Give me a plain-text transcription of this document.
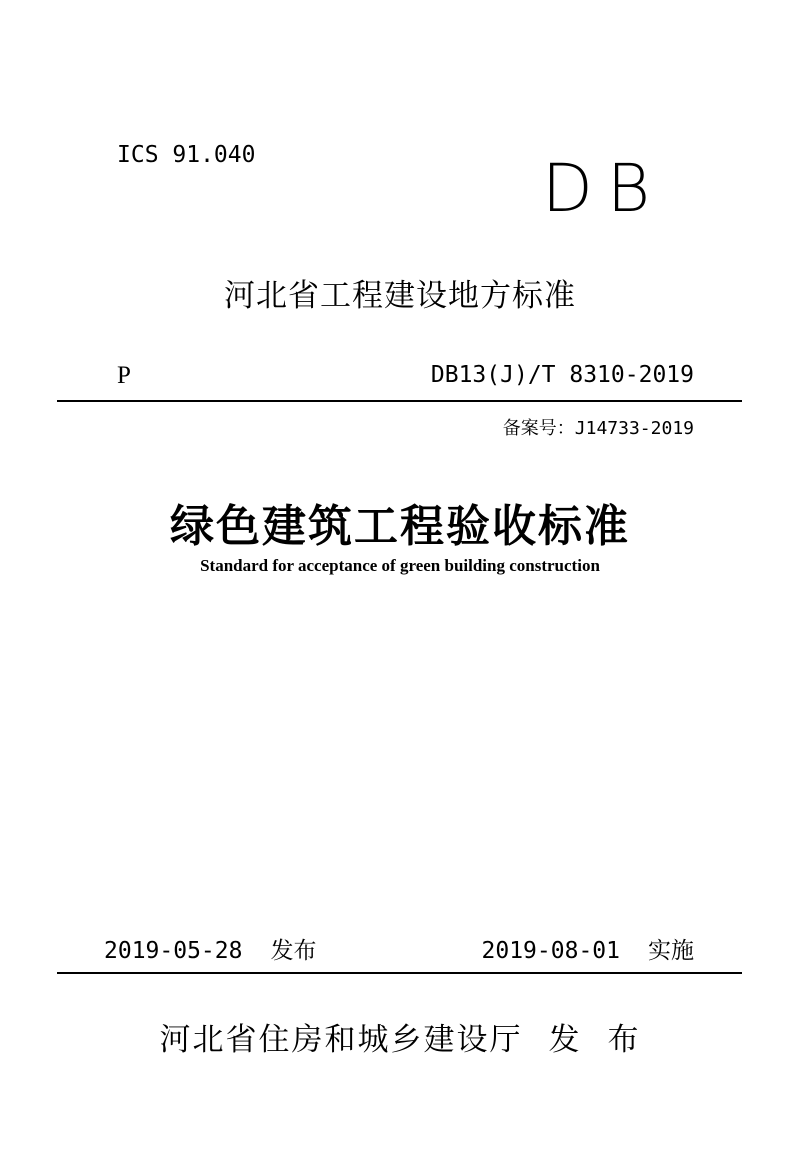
ICS 91.040	DB
河北省工程建设地方标准
P	DB13(J)/T 8310-2019
备案号：J14733-2019
绿色建筑工程验收标准
Standard for acceptance of green building construction
2019-05-28 发布	2019-08-01 实施
河北省住房和城乡建设厅 发 布
